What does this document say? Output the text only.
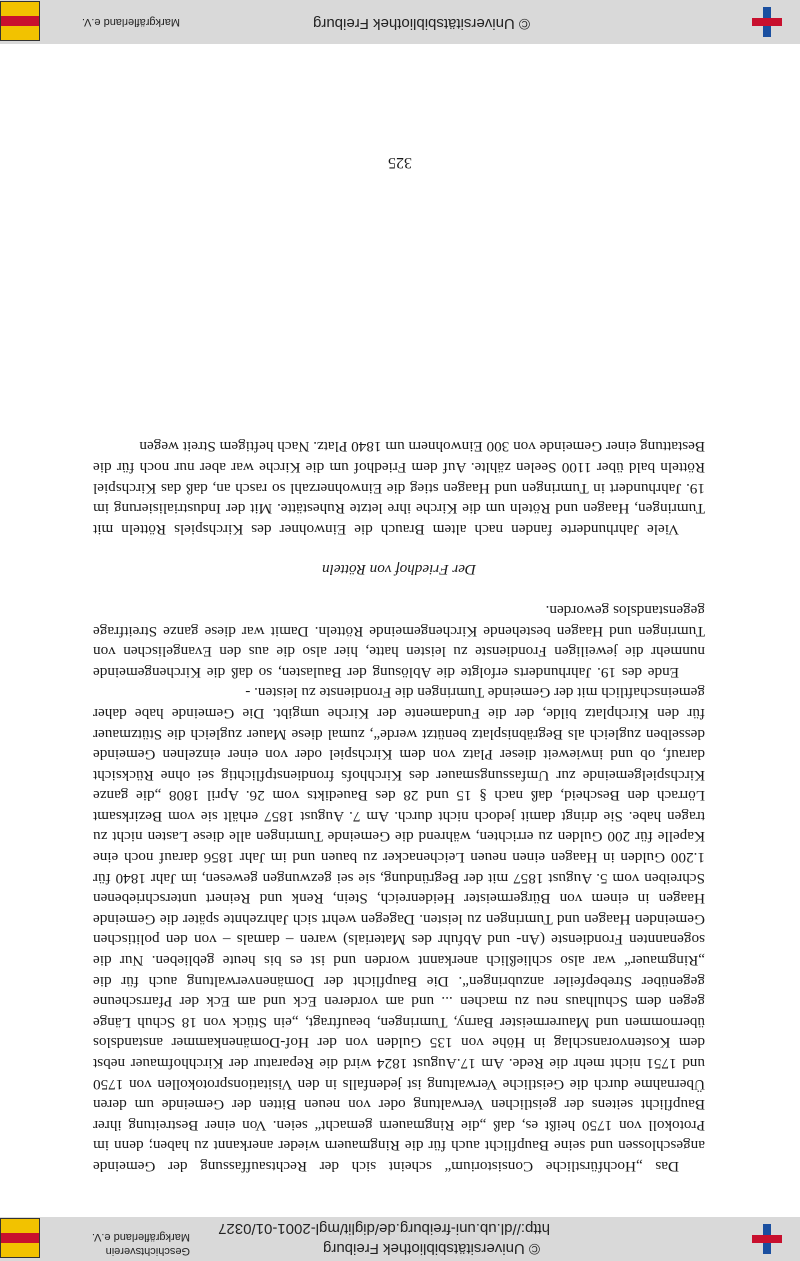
Geschichtsverein
Markgräflerland e.V.
© Universitätsbibliothek Freiburg
http://dl.ub.uni-freiburg.de/diglit/mgl-2001-01/0327

Das „Hochfürstliche Consistorium“ scheint sich der Rechtsauffassung der Gemeinde angeschlossen und seine Baupflicht auch für die Ringmauern wieder anerkannt zu haben; denn im Protokoll von 1750 heißt es, daß „die Ringmauern gemacht“ seien. Von einer Bestreitung ihrer Baupflicht seitens der geistlichen Verwaltung oder von neuen Bitten der Gemeinde um deren Übernahme durch die Geistliche Verwaltung ist jedenfalls in den Visitationsprotokollen von 1750 und 1751 nicht mehr die Rede. Am 17.August 1824 wird die Reparatur der Kirchhofmauer nebst dem Kostenvoranschlag in Höhe von 135 Gulden von der Hof-Domänenkammer anstandslos übernommen und Maurermeister Barny, Tumringen, beauftragt, „ein Stück von 18 Schuh Länge gegen dem Schulhaus neu zu machen ... und am vorderen Eck und am Eck der Pfarrscheune gegenüber Strebepfeiler anzubringen“. Die Baupflicht der Domänenverwaltung auch für die „Ringmauer“ war also schließlich anerkannt worden und ist es bis heute geblieben. Nur die sogenannten Frondienste (An- und Abfuhr des Materials) waren – damals – von den politischen Gemeinden Haagen und Tumringen zu leisten. Dagegen wehrt sich Jahrzehnte später die Gemeinde Haagen in einem von Bürgermeister Heidenreich, Stein, Renk und Reinert unterschriebenen Schreiben vom 5. August 1857 mit der Begründung, sie sei gezwungen gewesen, im Jahr 1840 für 1.200 Gulden in Haagen einen neuen Leichenacker zu bauen und im Jahr 1856 darauf noch eine Kapelle für 200 Gulden zu errichten, während die Gemeinde Tumringen alle diese Lasten nicht zu tragen habe. Sie dringt damit jedoch nicht durch. Am 7. August 1857 erhält sie vom Bezirksamt Lörrach den Bescheid, daß nach § 15 und 28 des Bauedikts vom 26. April 1808 „die ganze Kirchspielgemeinde zur Umfassungsmauer des Kirchhofs frondienstpflichtig sei ohne Rücksicht darauf, ob und inwieweit dieser Platz von dem Kirchspiel oder von einer einzelnen Gemeinde desselben zugleich als Begräbnisplatz benützt werde“, zumal diese Mauer zugleich die Stützmauer für den Kirchplatz bilde, der die Fundamente der Kirche umgibt. Die Gemeinde habe daher gemeinschaftlich mit der Gemeinde Tumringen die Frondienste zu leisten. -

Ende des 19. Jahrhunderts erfolgte die Ablösung der Baulasten, so daß die Kirchengemeinde nunmehr die jeweiligen Frondienste zu leisten hatte, hier also die aus den Evangelischen von Tumringen und Haagen bestehende Kirchengemeinde Rötteln. Damit war diese ganze Streitfrage gegenstandslos geworden.

Der Friedhof von Rötteln

Viele Jahrhunderte fanden nach altem Brauch die Einwohner des Kirchspiels Rötteln mit Tumringen, Haagen und Röteln um die Kirche ihre letzte Ruhestätte. Mit der Industrialisierung im 19. Jahrhundert in Tumringen und Haagen stieg die Einwohnerzahl so rasch an, daß das Kirchspiel Rötteln bald über 1100 Seelen zählte. Auf dem Friedhof um die Kirche war aber nur noch für die Bestattung einer Gemeinde von 300 Einwohnern um 1840 Platz. Nach heftigem Streit wegen

325
© Universitätsbibliothek Freiburg
Markgräflerland e.V.
